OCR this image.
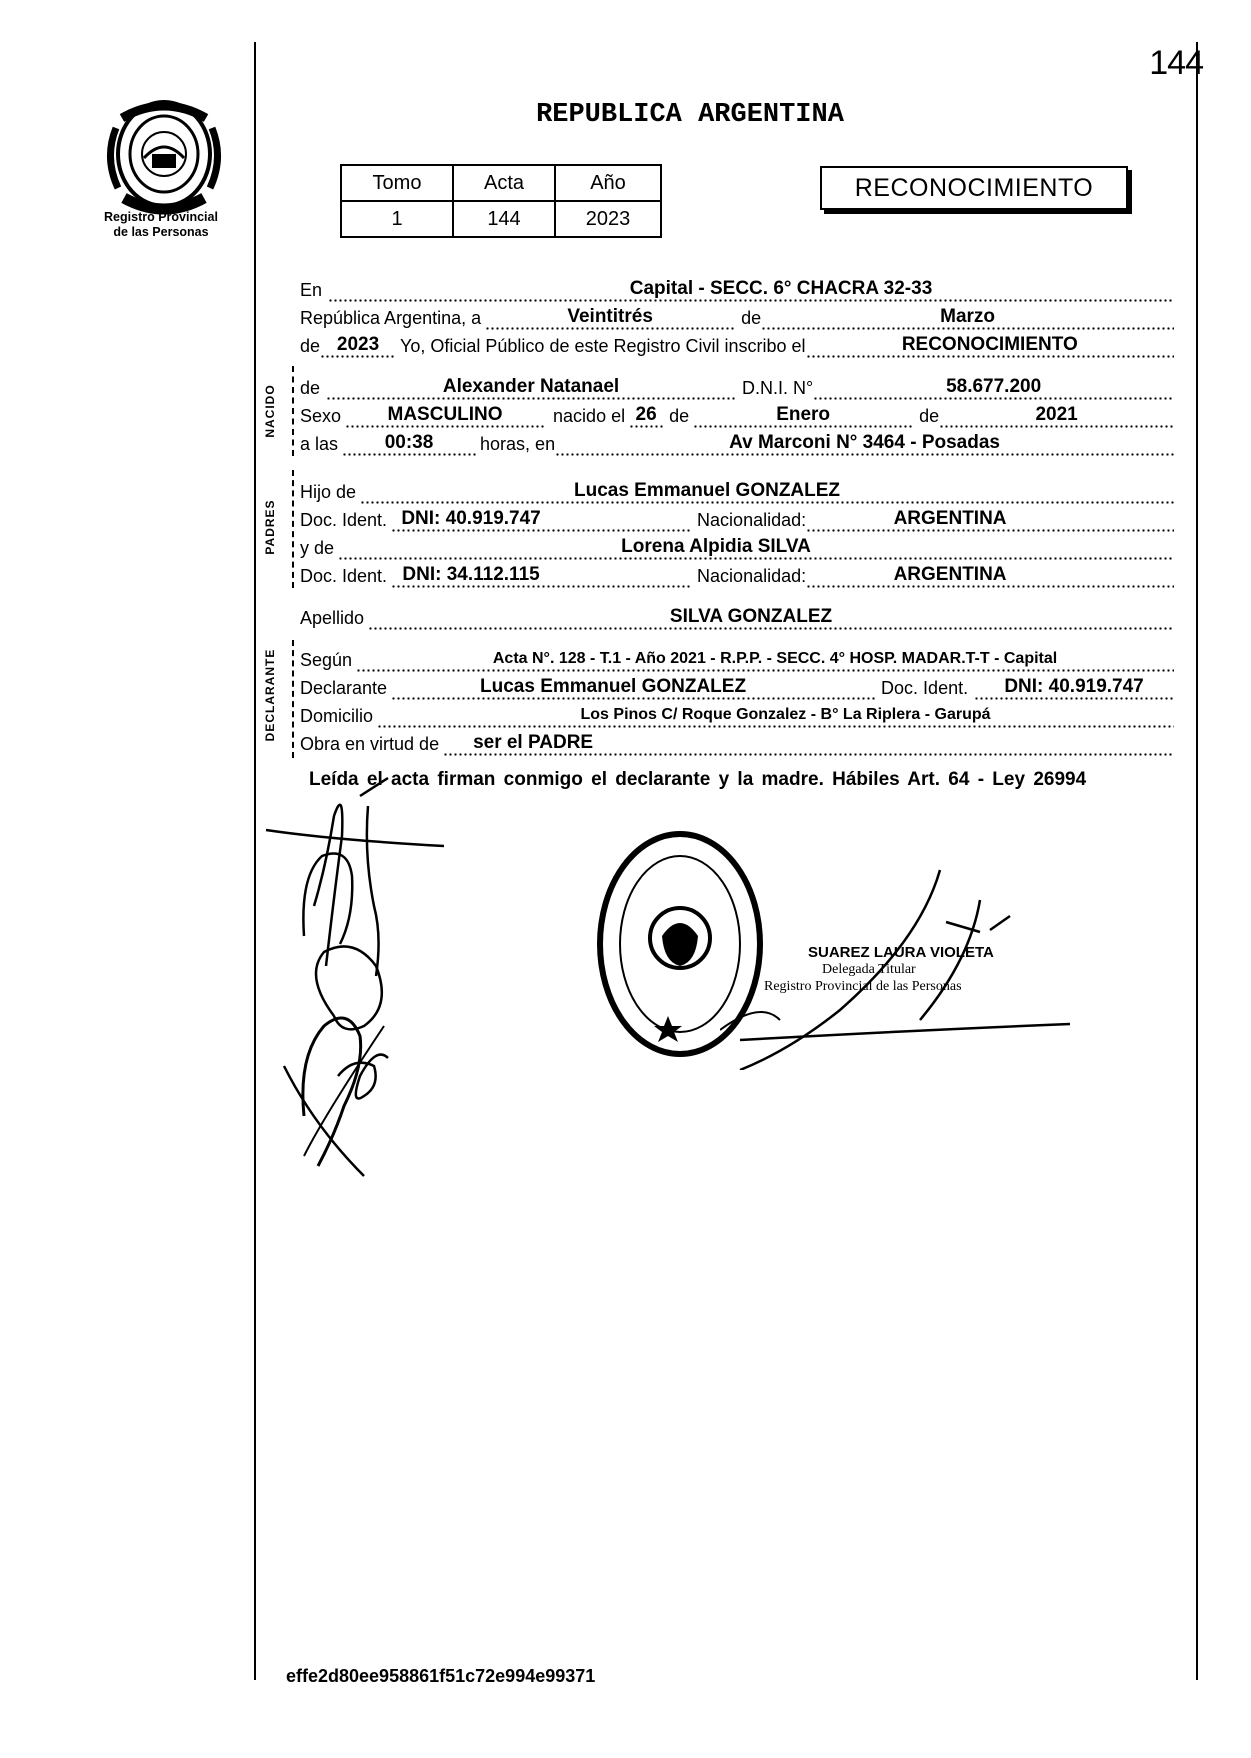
144
Registro Provincial
de las Personas
REPUBLICA ARGENTINA
Tomo	Acta	Año
1	144	2023
RECONOCIMIENTO
En	Capital - SECC. 6° CHACRA 32-33
República Argentina, a	Veintitrés	de	Marzo
de 2023	Yo, Oficial Público de este Registro Civil inscribo el	RECONOCIMIENTO
NACIDO de	Alexander Natanael	D.N.I. N°	58.677.200
Sexo	MASCULINO	nacido el 26 de	Enero	de	2021
a las	00:38	horas, en	Av Marconi N° 3464 - Posadas
PADRES
Hijo de	Lucas Emmanuel GONZALEZ
Doc. Ident. DNI: 40.919.747	Nacionalidad:	ARGENTINA
y de	Lorena Alpidia SILVA
Doc. Ident. DNI: 34.112.115	Nacionalidad:	ARGENTINA
Apellido	SILVA GONZALEZ
DECLARANTE Según	Acta N°. 128 - T.1 - Año 2021 - R.P.P. - SECC. 4° HOSP. MADAR.T-T - Capital
Declarante	Lucas Emmanuel GONZALEZ	Doc. Ident.	DNI: 40.919.747
Domicilio	Los Pinos C/ Roque Gonzalez - B° La Riplera - Garupá
Obra en virtud de	ser el PADRE
Leída el acta firman conmigo el declarante y la madre. Hábiles Art. 64 - Ley 26994
SUAREZ LAURA VIOLETA
Delegada Titular
Registro Provincial de las Personas
effe2d80ee958861f51c72e994e99371
